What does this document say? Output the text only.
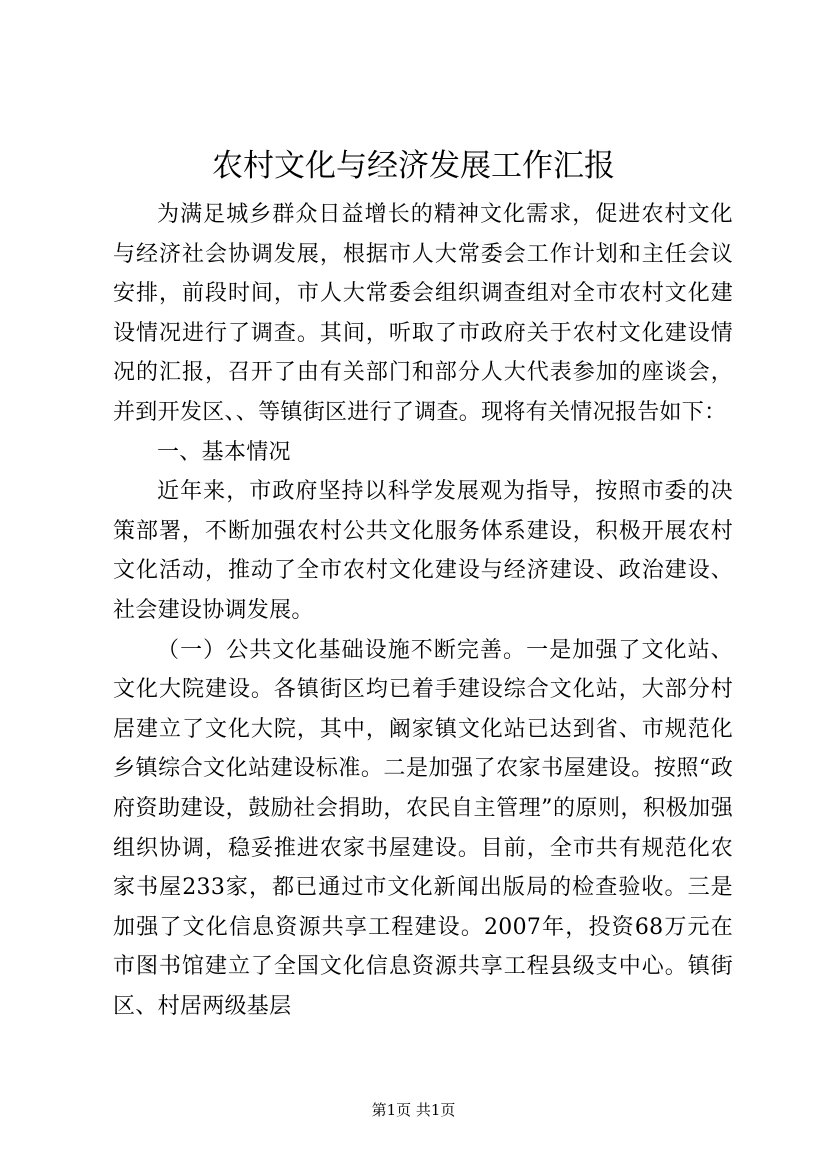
农村文化与经济发展工作汇报

为满足城乡群众日益增长的精神文化需求，促进农村文化与经济社会协调发展，根据市人大常委会工作计划和主任会议安排，前段时间，市人大常委会组织调查组对全市农村文化建设情况进行了调查。其间，听取了市政府关于农村文化建设情况的汇报，召开了由有关部门和部分人大代表参加的座谈会，并到开发区、、等镇街区进行了调查。现将有关情况报告如下：

一、基本情况

近年来，市政府坚持以科学发展观为指导，按照市委的决策部署，不断加强农村公共文化服务体系建设，积极开展农村文化活动，推动了全市农村文化建设与经济建设、政治建设、社会建设协调发展。

（一）公共文化基础设施不断完善。一是加强了文化站、文化大院建设。各镇街区均已着手建设综合文化站，大部分村居建立了文化大院，其中，阚家镇文化站已达到省、市规范化乡镇综合文化站建设标准。二是加强了农家书屋建设。按照“政府资助建设，鼓励社会捐助，农民自主管理”的原则，积极加强组织协调，稳妥推进农家书屋建设。目前，全市共有规范化农家书屋233家，都已通过市文化新闻出版局的检查验收。三是加强了文化信息资源共享工程建设。2007年，投资68万元在市图书馆建立了全国文化信息资源共享工程县级支中心。镇街区、村居两级基层

第1页 共1页
